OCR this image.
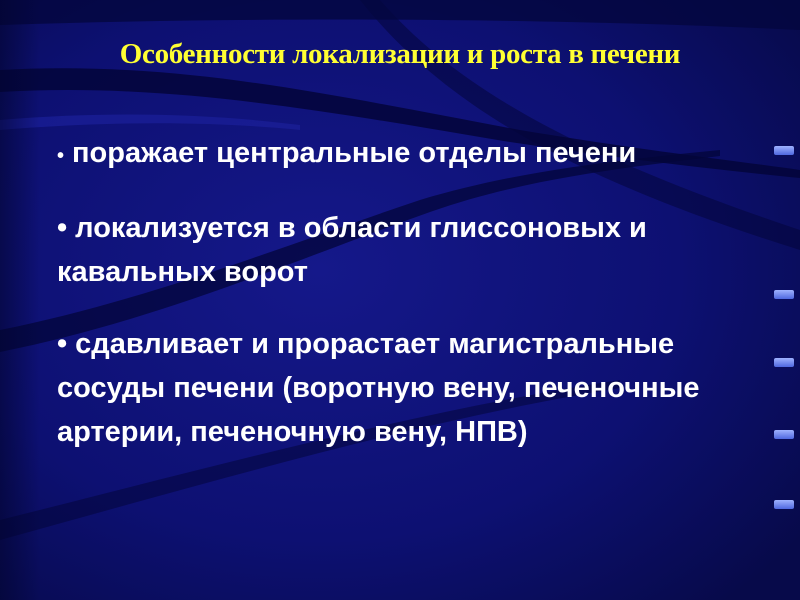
Особенности локализации и роста в печени
• поражает центральные отделы печени
• локализуется в области глиссоновых и кавальных ворот
• сдавливает и прорастает магистральные сосуды печени (воротную вену, печеночные артерии, печеночную вену, НПВ)
